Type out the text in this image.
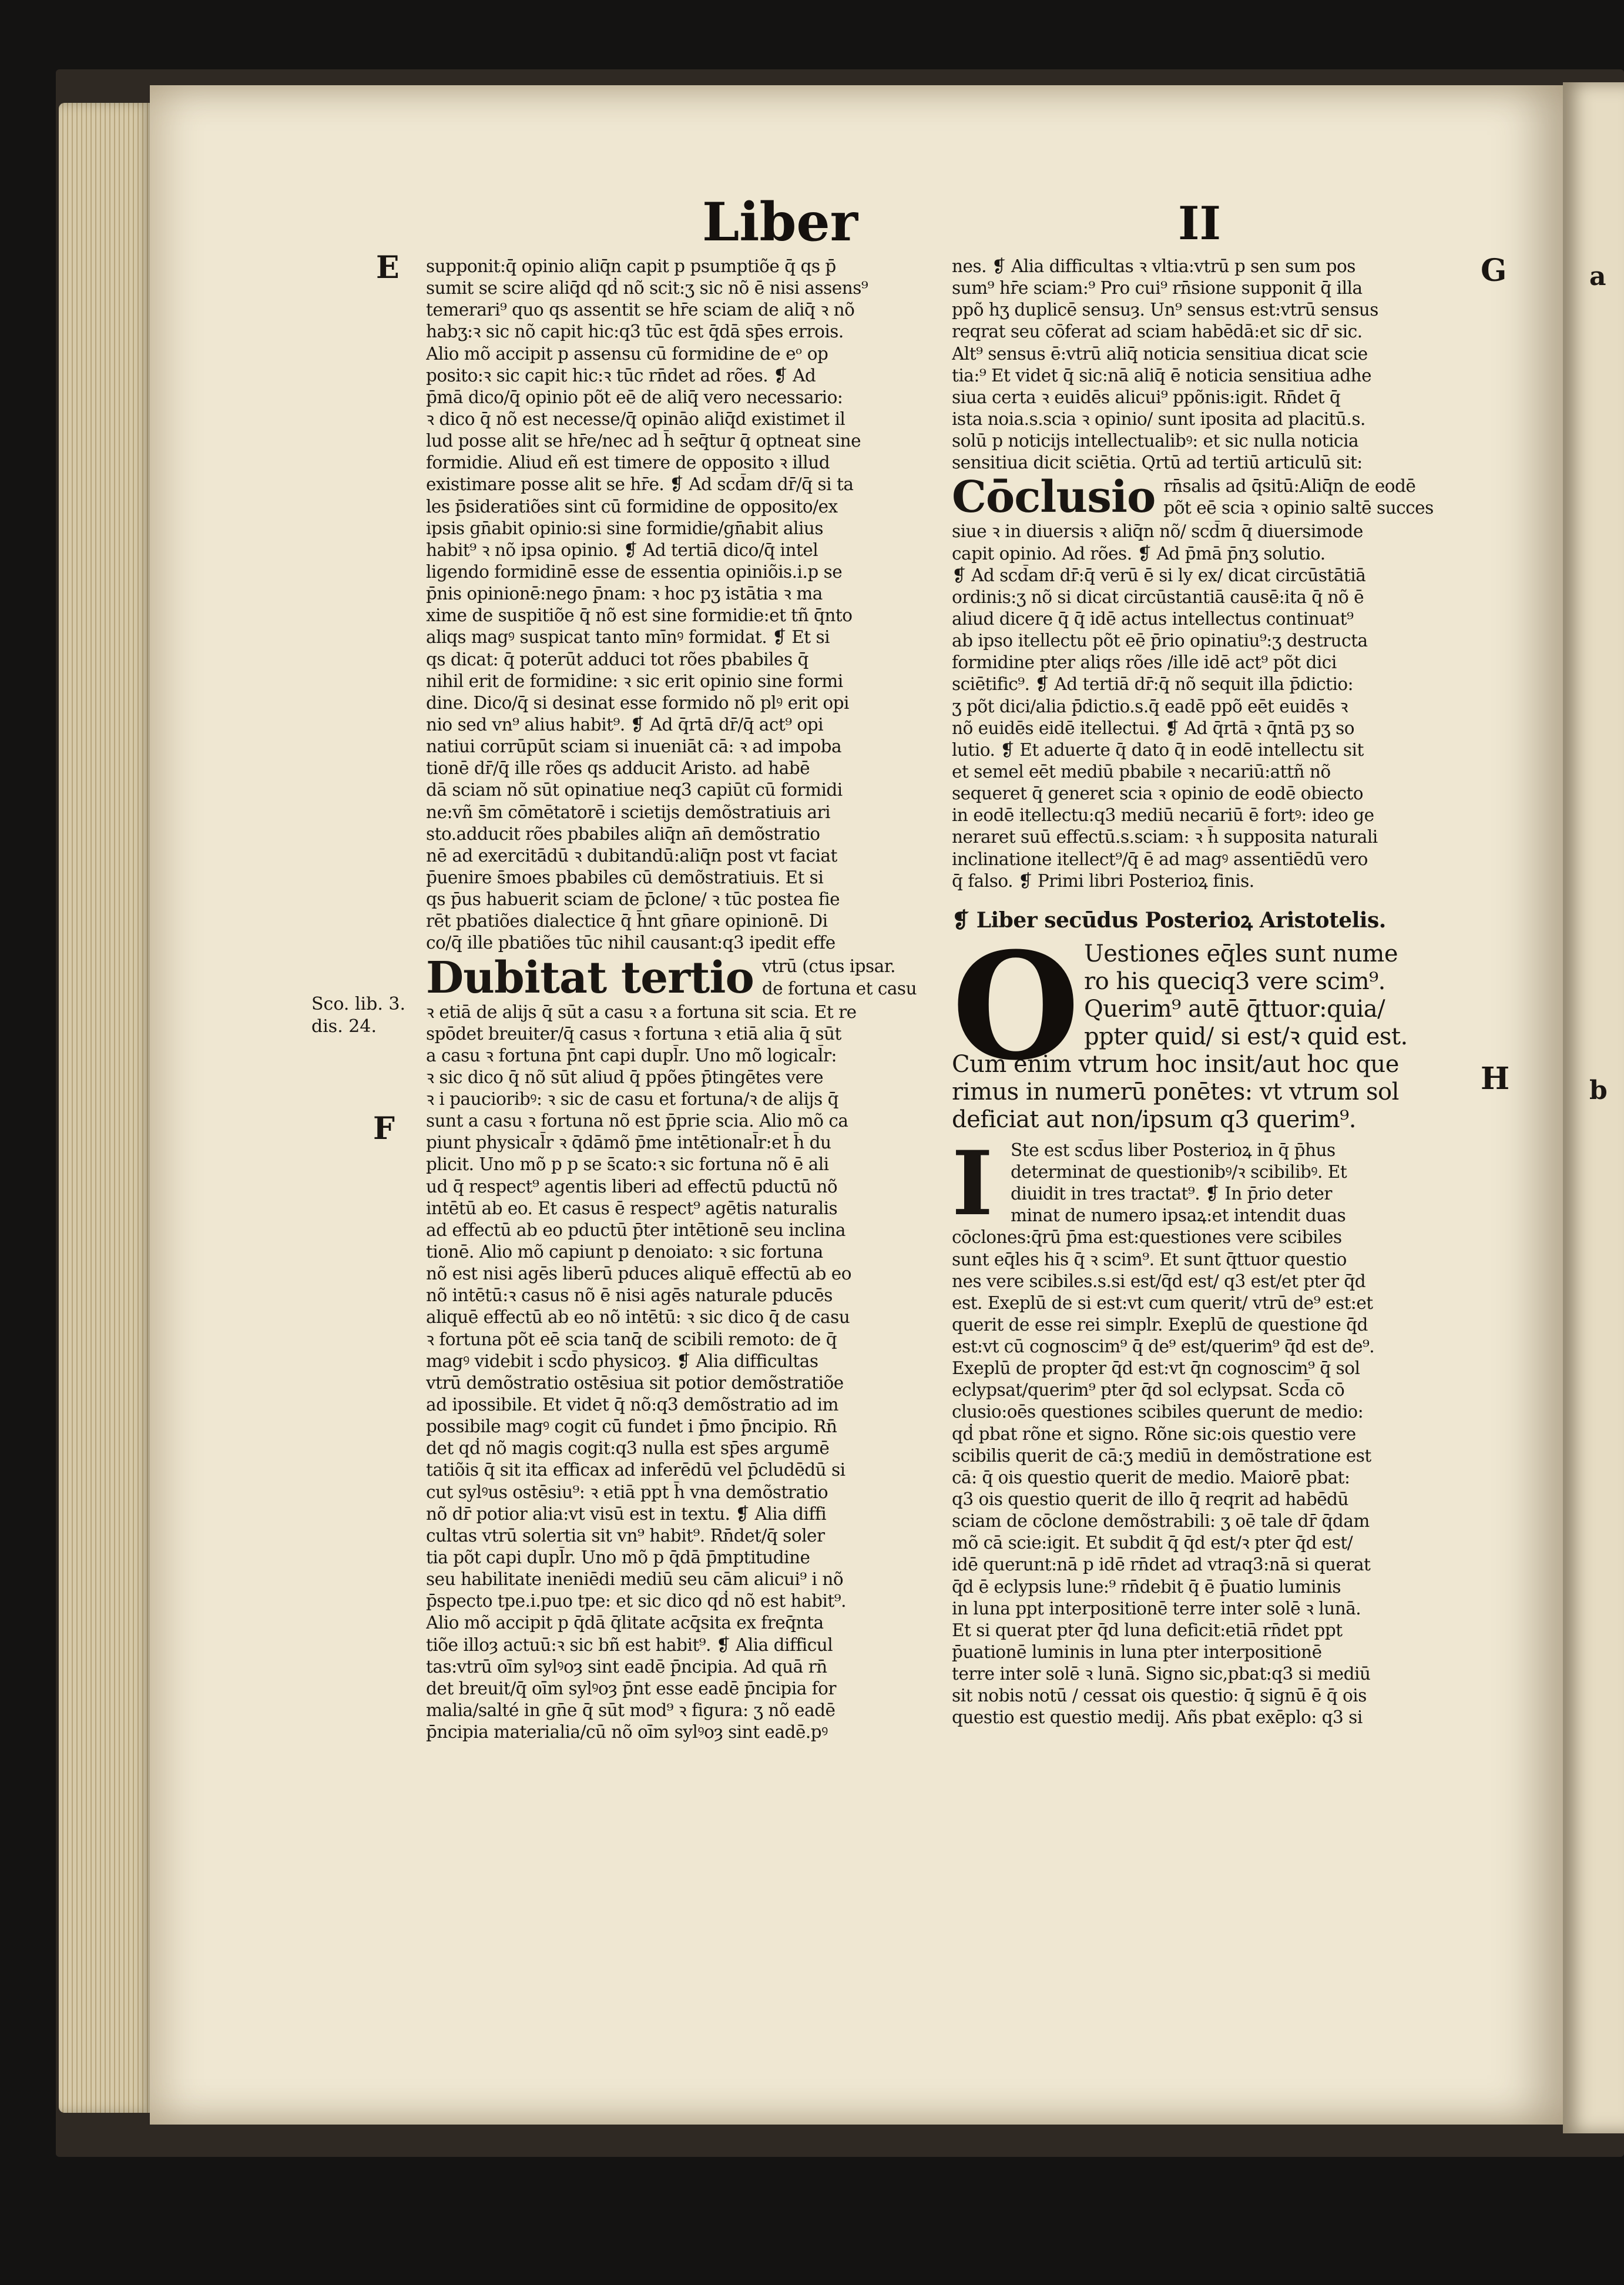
a
b
Liber	II
E
F
G
H
Sco. lib. 3.
dis. 24.
supponit:q̄ opinio aliq̄n capit p psumptiõe q̄ qs p̄
sumit se scire aliq̄d qḋ nõ scit:ʒ sic nõ ē nisi assens⁹
temerari⁹ quo qs assentit se hr̄e sciam de aliq̄ ꝛ nõ
habʒ:ꝛ sic nõ capit hic:q3 tūc est q̄dā sp̄es errois.
Alio mõ accipit p assensu cū formidine de eᵒ op
posito:ꝛ sic capit hic:ꝛ tūc rn̄det ad rões. ❡ Ad
p̄mā dico/q̄ opinio põt eē de aliq̄ vero necessario:
ꝛ dico q̄ nõ est necesse/q̄ opināo aliq̄d existimet il
lud posse alit se hr̄e/nec ad h̄ seq̄tur q̄ optneat sine
formidie. Aliud eñ est timere de opposito ꝛ illud
existimare posse alit se hr̄e. ❡ Ad scd̄am dr̄/q̄ si ta
les p̄sideratiões sint cū formidine de opposito/ex
ipsis gn̄abit opinio:si sine formidie/gn̄abit alius
habit⁹ ꝛ nõ ipsa opinio. ❡ Ad tertiā dico/q̄ intel
ligendo formidinē esse de essentia opiniõis.i.p se
p̄nis opinionē:nego p̄nam: ꝛ hoc pʒ istātia ꝛ ma
xime de suspitiõe q̄ nõ est sine formidie:et tñ q̄nto
aliqs magꝰ suspicat tanto mīnꝰ formidat. ❡ Et si
qs dicat: q̄ poterūt adduci tot rões pbabiles q̄
nihil erit de formidine: ꝛ sic erit opinio sine formi
dine. Dico/q̄ si desinat esse formido nõ plꝰ erit opi
nio sed vn⁹ alius habit⁹. ❡ Ad q̄rtā dr̄/q̄ act⁹ opi
natiui corrūpūt sciam si inueniāt cā: ꝛ ad impoba
tionē dr̄/q̄ ille rões qs adducit Aristo. ad habē
dā sciam nõ sūt opinatiue neq3 capiūt cū formidi
ne:vñ s̄m cōmētatorē i scietijs demõstratiuis ari
sto.adducit rões pbabiles aliq̄n an̄ demõstratio
nē ad exercitādū ꝛ dubitandū:aliq̄n post vt faciat
p̄uenire s̄moes pbabiles cū demõstratiuis. Et si
qs p̄us habuerit sciam de p̄clone/ ꝛ tūc postea fie
rēt pbatiões dialectice q̄ h̄nt gn̄are opinionē. Di
co/q̄ ille pbatiões tūc nihil causant:q3 ipedit effe
Dubitat tertio vtrū (ctus ipsar.
de fortuna et casu
ꝛ etiā de alijs q̄ sūt a casu ꝛ a fortuna sit scia. Et re
spōdet breuiter/q̄ casus ꝛ fortuna ꝛ etiā alia q̄ sūt
a casu ꝛ fortuna p̄nt capi dupl̄r. Uno mõ logical̄r:
ꝛ sic dico q̄ nõ sūt aliud q̄ ppões p̄tingētes vere
ꝛ i paucioribꝰ: ꝛ sic de casu et fortuna/ꝛ de alijs q̄
sunt a casu ꝛ fortuna nõ est p̄prie scia. Alio mõ ca
piunt physical̄r ꝛ q̄dāmõ p̄me intētional̄r:et h̄ du
plicit. Uno mõ p p se s̄cato:ꝛ sic fortuna nõ ē ali
ud q̄ respect⁹ agentis liberi ad effectū pductū nõ
intētū ab eo. Et casus ē respect⁹ agētis naturalis
ad effectū ab eo pductū p̄ter intētionē seu inclina
tionē. Alio mõ capiunt p denoiato: ꝛ sic fortuna
nõ est nisi agēs liberū pduces aliquē effectū ab eo
nõ intētū:ꝛ casus nõ ē nisi agēs naturale pducēs
aliquē effectū ab eo nõ intētū: ꝛ sic dico q̄ de casu
ꝛ fortuna põt eē scia tanq̄ de scibili remoto: de q̄
magꝰ videbit i scd̄o physicoȝ. ❡ Alia difficultas
vtrū demõstratio ostēsiua sit potior demõstratiõe
ad ipossibile. Et videt q̄ nõ:q3 demõstratio ad im
possibile magꝰ cogit cū fundet i p̄mo p̄ncipio. Rn̄
det qḋ nõ magis cogit:q3 nulla est sp̄es argumē
tatiõis q̄ sit ita efficax ad inferēdū vel p̄cludēdū si
cut sylꝰus ostēsiu⁹: ꝛ etiā ppt h̄ vna demõstratio
nõ dr̄ potior alia:vt visū est in textu. ❡ Alia diffi
cultas vtrū solertia sit vn⁹ habit⁹. Rn̄det/q̄ soler
tia põt capi dupl̄r. Uno mõ p q̄dā p̄mptitudine
seu habilitate ineniēdi mediū seu cām alicui⁹ i nõ
p̄specto tpe.i.puo tpe: et sic dico qḋ nõ est habit⁹.
Alio mõ accipit p q̄dā q̄litate acq̄sita ex freq̄nta
tiõe illoȝ actuū:ꝛ sic bñ est habit⁹. ❡ Alia difficul
tas:vtrū oīm sylꝰoȝ sint eadē p̄ncipia. Ad quā rn̄
det breuit/q̄ oīm sylꝰoȝ p̄nt esse eadē p̄ncipia for
malia/salté in gn̄e q̄ sūt mod⁹ ꝛ figura: ʒ nõ eadē
p̄ncipia materialia/cū nõ oīm sylꝰoȝ sint eadē.pꝰ
nes. ❡ Alia difficultas ꝛ vltia:vtrū p sen sum pos
sum⁹ hr̄e sciam:⁹ Pro cui⁹ rn̄sione supponit q̄ illa
ppõ hʒ duplicē sensuȝ. Un⁹ sensus est:vtrū sensus
reqrat seu cōferat ad sciam habēdā:et sic dr̄ sic.
Alt⁹ sensus ē:vtrū aliq̄ noticia sensitiua dicat scie
tia:⁹ Et videt q̄ sic:nā aliq̄ ē noticia sensitiua adhe
siua certa ꝛ euidēs alicui⁹ ppõnis:igit. Rn̄det q̄
ista noia.s.scia ꝛ opinio/ sunt iposita ad placitū.s.
solū p noticijs intellectualibꝰ: et sic nulla noticia
sensitiua dicit sciētia. Qrtū ad tertiū articulū sit:
Cōclusio rn̄salis ad q̄sitū:Aliq̄n de eodē
põt eē scia ꝛ opinio saltē succes
siue ꝛ in diuersis ꝛ aliq̄n nõ/ scd̄m q̄ diuersimode
capit opinio. Ad rões. ❡ Ad p̄mā p̄nʒ solutio.
❡ Ad scd̄am dr̄:q̄ verū ē si ly ex/ dicat circūstātiā
ordinis:ʒ nõ si dicat circūstantiā causē:ita q̄ nõ ē
aliud dicere q̄ q̄ idē actus intellectus continuat⁹
ab ipso itellectu põt eē p̄rio opinatiu⁹:ʒ destructa
formidine pter aliqs rões /ille idē act⁹ põt dici
sciētific⁹. ❡ Ad tertiā dr̄:q̄ nõ sequit illa p̄dictio:
ʒ põt dici/alia p̄dictio.s.q̄ eadē ppõ eēt euidēs ꝛ
nõ euidēs eidē itellectui. ❡ Ad q̄rtā ꝛ q̄ntā pʒ so
lutio. ❡ Et aduerte q̄ dato q̄ in eodē intellectu sit
et semel eēt mediū pbabile ꝛ necariū:attñ nõ
sequeret q̄ generet scia ꝛ opinio de eodē obiecto
in eodē itellectu:q3 mediū necariū ē fortꝰ: ideo ge
neraret suū effectū.s.sciam: ꝛ h̄ supposita naturali
inclinatione itellect⁹/q̄ ē ad magꝰ assentiēdū vero
q̄ falso. ❡ Primi libri Posterioꝝ finis.
❡ Liber secūdus Posterioꝝ Aristotelis.
O Uestiones eq̄les sunt nume
ro his queciq3 vere scim⁹.
Querim⁹ autē q̄ttuor:quia/
ppter quid/ si est/ꝛ quid est.
Cum enim vtrum hoc insit/aut hoc que
rimus in numerū ponētes: vt vtrum sol
deficiat aut non/ipsum q3 querim⁹.
I	Ste est scd̄us liber Posterioꝝ in q̄ p̄hus
determinat de questionibꝰ/ꝛ scibilibꝰ. Et
diuidit in tres tractat⁹. ❡ In p̄rio deter
minat de numero ipsaꝝ:et intendit duas
cōclones:q̄rū p̄ma est:questiones vere scibiles
sunt eq̄les his q̄ ꝛ scim⁹. Et sunt q̄ttuor questio
nes vere scibiles.s.si est/q̄d est/ q3 est/et pter q̄d
est. Exeplū de si est:vt cum querit/ vtrū de⁹ est:et
querit de esse rei simplr. Exeplū de questione q̄d
est:vt cū cognoscim⁹ q̄ de⁹ est/querim⁹ q̄d est de⁹.
Exeplū de propter q̄d est:vt q̄n cognoscim⁹ q̄ sol
eclypsat/querim⁹ pter q̄d sol eclypsat. Scd̄a cō
clusio:oēs questiones scibiles querunt de medio:
qḋ pbat rõne et signo. Rõne sic:ois questio vere
scibilis querit de cā:ʒ mediū in demõstratione est
cā: q̄ ois questio querit de medio. Maiorē pbat:
q3 ois questio querit de illo q̄ reqrit ad habēdū
sciam de cōclone demõstrabili: ʒ oē tale dr̄ q̄dam
mõ cā scie:igit. Et subdit q̄ q̄d est/ꝛ pter q̄d est/
idē querunt:nā p idē rn̄det ad vtraq3:nā si querat
q̄d ē eclypsis lune:⁹ rn̄debit q̄ ē p̄uatio luminis
in luna ppt interpositionē terre inter solē ꝛ lunā.
Et si querat pter q̄d luna deficit:etiā rn̄det ppt
p̄uationē luminis in luna pter interpositionē
terre inter solē ꝛ lunā. Signo sic,pbat:q3 si mediū
sit nobis notū / cessat ois questio: q̄ signū ē q̄ ois
questio est questio medij. Añs pbat exēplo: q3 si
